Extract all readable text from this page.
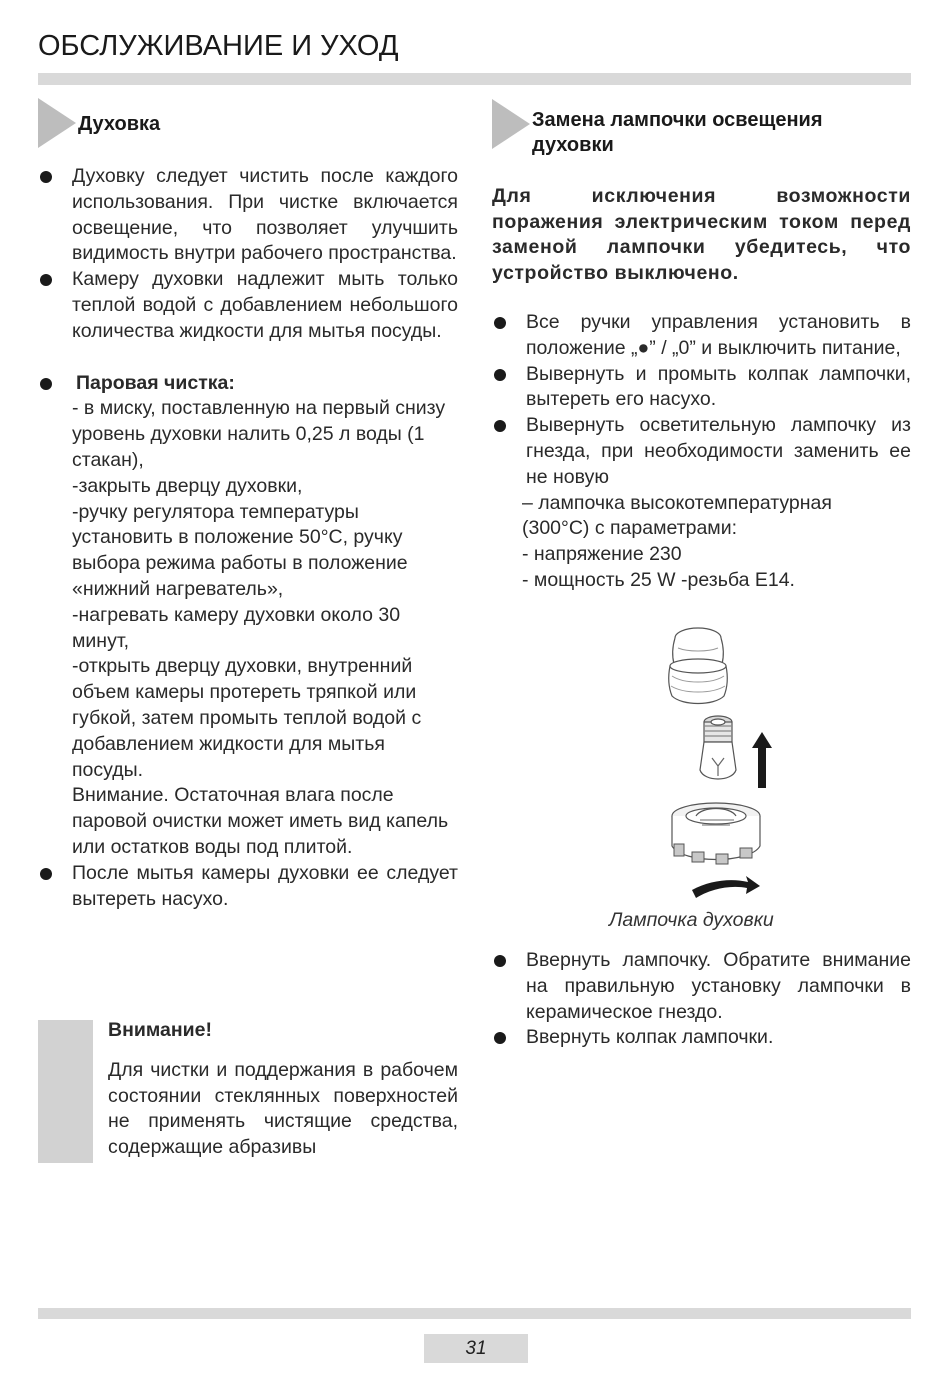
ОБСЛУЖИВАНИЕ И УХОД
Духовка
Духовку следует чистить после каждого использования. При чистке включается освещение, что позволяет улучшить видимость внутри рабочего пространства.
Камеру духовки надлежит мыть только теплой водой с добавлением небольшого количества жидкости для мытья посуды.
Паровая чистка:
- в миску, поставленную на первый снизу уровень духовки налить 0,25 л воды (1 стакан),
-закрыть дверцу духовки,
-ручку регулятора температуры установить в положение 50°C, ручку выбора режима работы в положение «нижний нагреватель»,
-нагревать камеру духовки около 30 минут,
-открыть дверцу духовки, внутренний объем камеры протереть тряпкой или губкой, затем промыть теплой водой с добавлением жидкости для мытья посуды.
Внимание. Остаточная влага после паровой очистки может иметь вид капель или остатков воды под плитой.
После мытья камеры духовки ее следует вытереть насухо.
Внимание!
Для чистки и поддержания в рабочем состоянии стеклянных поверхностей не применять чистящие средства, содержащие абразивы
Замена лампочки освещения духовки
Для исключения возможности поражения электрическим током перед заменой лампочки убедитесь, что устройство выключено.
Все ручки управления установить в положение „●” / „0” и выключить питание,
Вывернуть и промыть колпак лампочки, вытереть его насухо.
Вывернуть осветительную лампочку из гнезда, при необходимости заменить ее не новую
– лампочка высокотемпературная
(300°C) с параметрами:
- напряжение 230
- мощность 25 W -резьба E14.
Лампочка духовки
Ввернуть лампочку. Обратите внимание на правильную установку лампочки в керамическое гнездо.
Ввернуть колпак лампочки.
31
